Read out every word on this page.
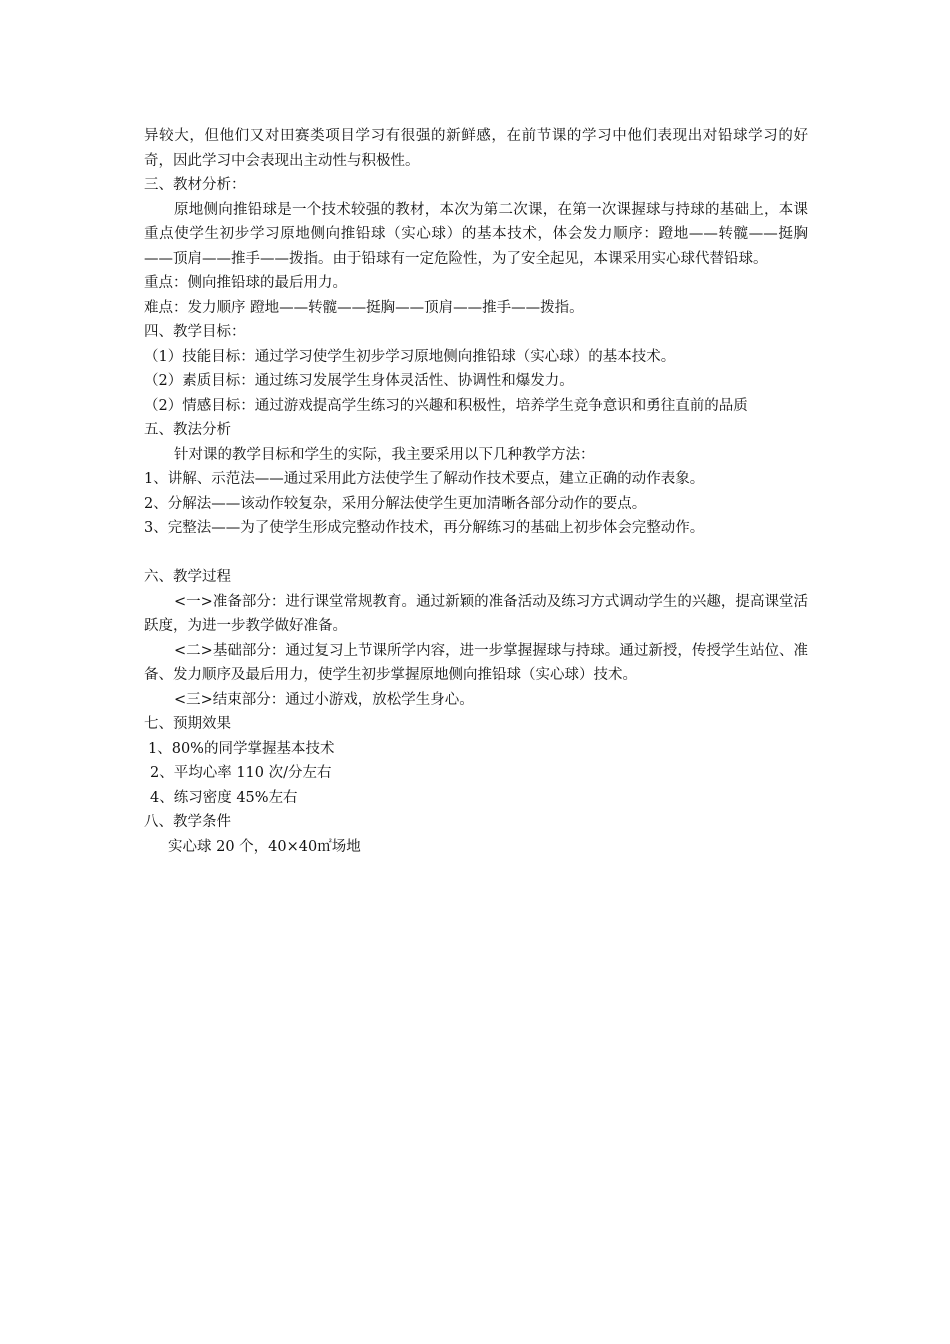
异较大，但他们又对田赛类项目学习有很强的新鲜感，在前节课的学习中他们表现出对铅球学习的好奇，因此学习中会表现出主动性与积极性。
三、教材分析：
原地侧向推铅球是一个技术较强的教材，本次为第二次课，在第一次课握球与持球的基础上，本课重点使学生初步学习原地侧向推铅球（实心球）的基本技术，体会发力顺序：蹬地——转髋——挺胸——顶肩——推手——拨指。由于铅球有一定危险性，为了安全起见，本课采用实心球代替铅球。
重点：侧向推铅球的最后用力。
难点：发力顺序 蹬地——转髋——挺胸——顶肩——推手——拨指。
四、教学目标：
（1）技能目标：通过学习使学生初步学习原地侧向推铅球（实心球）的基本技术。
（2）素质目标：通过练习发展学生身体灵活性、协调性和爆发力。
（2）情感目标：通过游戏提高学生练习的兴趣和积极性，培养学生竞争意识和勇往直前的品质
五、教法分析
针对课的教学目标和学生的实际，我主要采用以下几种教学方法：
1、讲解、示范法——通过采用此方法使学生了解动作技术要点，建立正确的动作表象。
2、分解法——该动作较复杂，采用分解法使学生更加清晰各部分动作的要点。
3、完整法——为了使学生形成完整动作技术，再分解练习的基础上初步体会完整动作。
六、教学过程
<一>准备部分：进行课堂常规教育。通过新颖的准备活动及练习方式调动学生的兴趣，提高课堂活跃度，为进一步教学做好准备。
<二>基础部分：通过复习上节课所学内容，进一步掌握握球与持球。通过新授，传授学生站位、准备、发力顺序及最后用力，使学生初步掌握原地侧向推铅球（实心球）技术。
<三>结束部分：通过小游戏，放松学生身心。
七、预期效果
1、80%的同学掌握基本技术
2、平均心率 110 次/分左右
4、练习密度 45%左右
八、教学条件
实心球 20 个，40×40㎡场地
